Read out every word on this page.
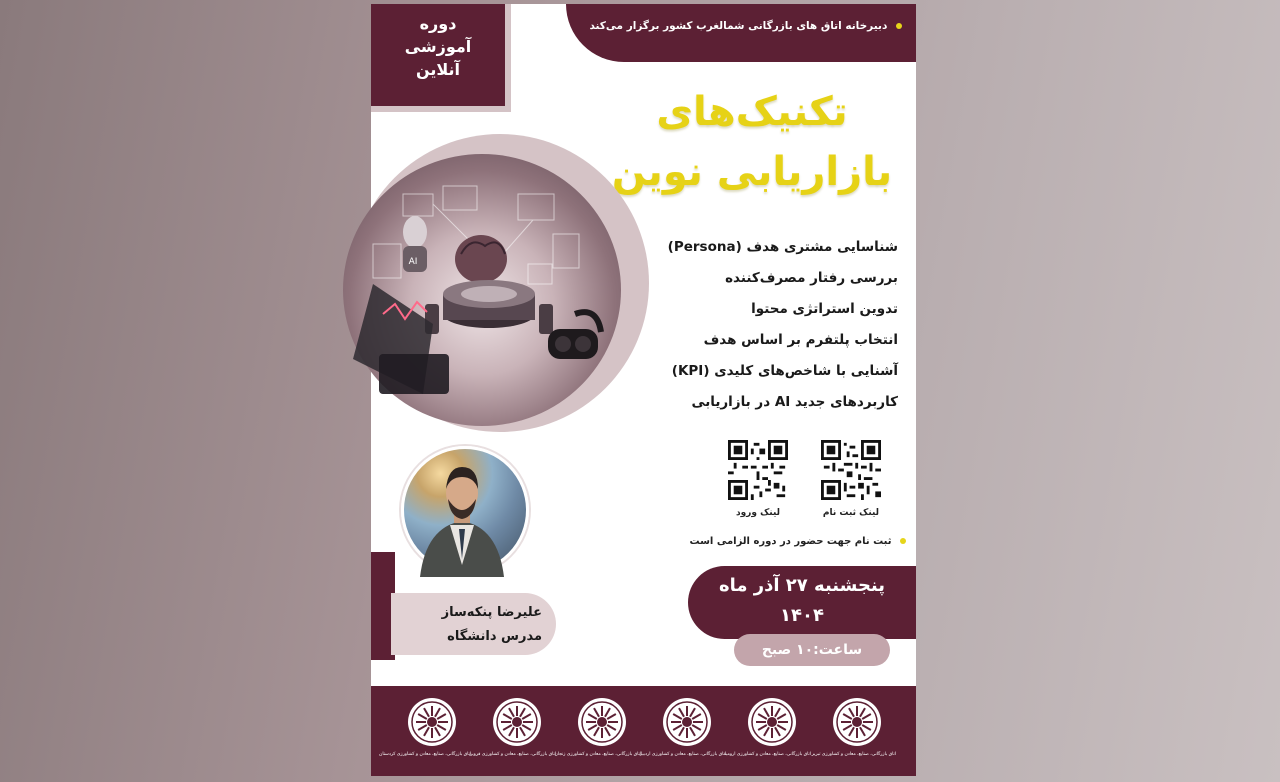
دبیرخانه اتاق های بازرگانی شمالغرب کشور برگزار می‌کند
دوره
آموزشی
آنلاین
تکنیک‌های
بازاریابی نوین
AI
شناسایی مشتری هدف (Persona)
بررسی رفتار مصرف‌کننده
تدوین استراتژی محتوا
انتخاب پلتفرم بر اساس هدف
آشنایی با شاخص‌های کلیدی (KPI)
کاربردهای جدید AI در بازاریابی
لینک ثبت نام
لینک ورود
ثبت نام جهت حضور در دوره الزامی است
علیرضا پنکه‌ساز
مدرس دانشگاه
پنجشنبه ۲۷ آذر ماه
۱۴۰۴
ساعت:۱۰ صبح
اتاق بازرگانی، صنایع، معادن و کشاورزی تبریز
اتاق بازرگانی، صنایع، معادن و کشاورزی ارومیه
اتاق بازرگانی، صنایع، معادن و کشاورزی اردبیل
اتاق بازرگانی، صنایع، معادن و کشاورزی زنجان
اتاق بازرگانی، صنایع، معادن و کشاورزی قزوین
اتاق بازرگانی، صنایع، معادن و کشاورزی کردستان
